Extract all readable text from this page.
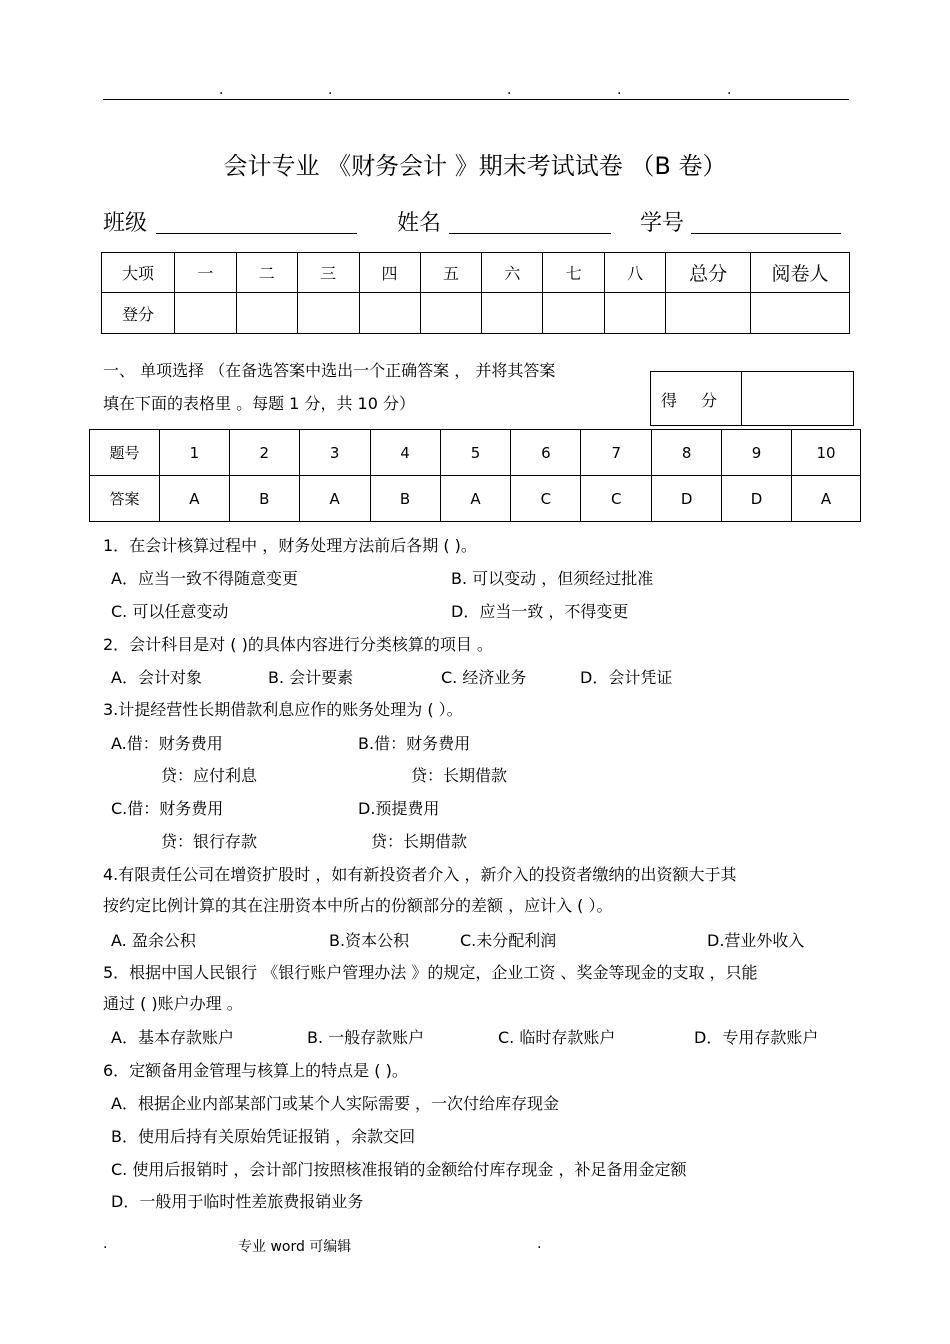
.	.	.	.	.
会计专业 《财务会计 》期末考试试卷 （B 卷）
班级	姓名	学号
大项	一	二	三	四	五	六	七	八	总分	阅卷人
登分										
一、 单项选择 （在备选答案中选出一个正确答案 ， 并将其答案
填在下面的表格里 。每题 1 分，共 10 分）	得分
题号	1	2	3	4	5	6	7	8	9	10
答案	A	B	A	B	A	C	C	D	D	A
1．在会计核算过程中 ，财务处理方法前后各期 ( )。
A．应当一致不得随意变更	B. 可以变动 ，但须经过批准
C. 可以任意变动	D．应当一致 ，不得变更
2．会计科目是对 ( )的具体内容进行分类核算的项目 。
A．会计对象	B. 会计要素	C. 经济业务	D．会计凭证
3.计提经营性长期借款利息应作的账务处理为 ( ）。
A.借：财务费用	B.借：财务费用
贷：应付利息	贷：长期借款
C.借：财务费用	D.预提费用
贷：银行存款	贷：长期借款
4.有限责任公司在增资扩股时 ，如有新投资者介入 ，新介入的投资者缴纳的出资额大于其
按约定比例计算的其在注册资本中所占的份额部分的差额 ，应计入 ( ）。
A. 盈余公积	B.资本公积	C.未分配利润	D.营业外收入
5．根据中国人民银行 《银行账户管理办法 》的规定，企业工资 、奖金等现金的支取 ，只能
通过 ( )账户办理 。
A．基本存款账户	B. 一般存款账户	C. 临时存款账户	D．专用存款账户
6．定额备用金管理与核算上的特点是 ( )。
A．根据企业内部某部门或某个人实际需要 ，一次付给库存现金
B．使用后持有关原始凭证报销 ，余款交回
C. 使用后报销时 ，会计部门按照核准报销的金额给付库存现金 ，补足备用金定额
D．一般用于临时性差旅费报销业务
.	专业 word 可编辑	.
